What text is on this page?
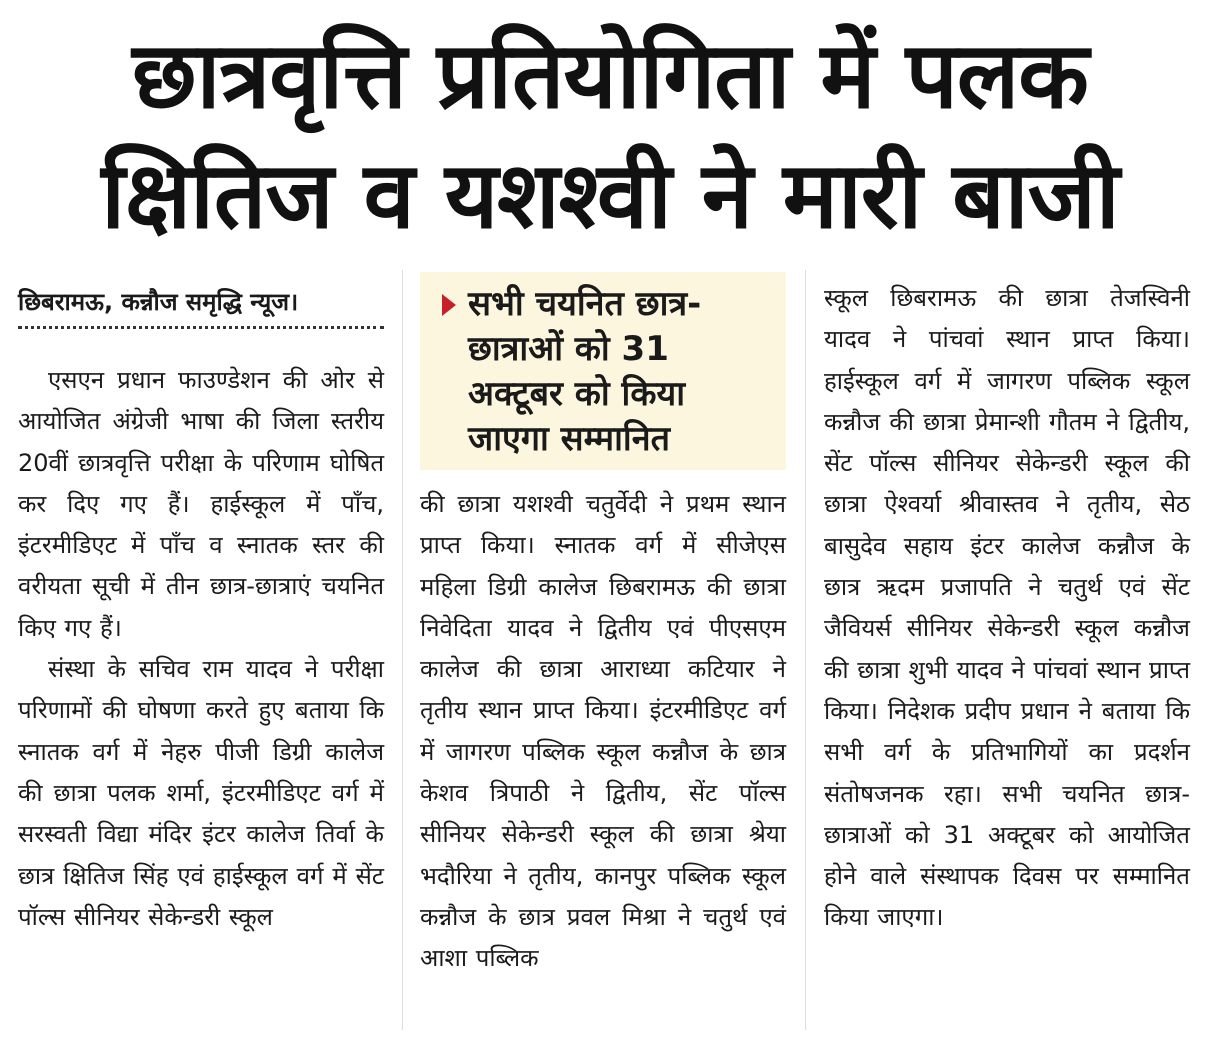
छात्रवृत्ति प्रतियोगिता में पलक
क्षितिज व यशश्वी ने मारी बाजी
छिबरामऊ, कन्नौज समृद्धि न्यूज।

एसएन प्रधान फाउण्डेशन की ओर से आयोजित अंग्रेजी भाषा की जिला स्तरीय 20वीं छात्रवृत्ति परीक्षा के परिणाम घोषित कर दिए गए हैं। हाईस्कूल में पाँच, इंटरमीडिएट में पाँच व स्नातक स्तर की वरीयता सूची में तीन छात्र-छात्राएं चयनित किए गए हैं।

संस्था के सचिव राम यादव ने परीक्षा परिणामों की घोषणा करते हुए बताया कि स्नातक वर्ग में नेहरु पीजी डिग्री कालेज की छात्रा पलक शर्मा, इंटरमीडिएट वर्ग में सरस्वती विद्या मंदिर इंटर कालेज तिर्वा के छात्र क्षितिज सिंह एवं हाईस्कूल वर्ग में सेंट पॉल्स सीनियर सेकेन्डरी स्कूल

सभी चयनित छात्र-छात्राओं को 31 अक्टूबर को किया जाएगा सम्मानित

की छात्रा यशश्वी चतुर्वेदी ने प्रथम स्थान प्राप्त किया। स्नातक वर्ग में सीजेएस महिला डिग्री कालेज छिबरामऊ की छात्रा निवेदिता यादव ने द्वितीय एवं पीएसएम कालेज की छात्रा आराध्या कटियार ने तृतीय स्थान प्राप्त किया। इंटरमीडिएट वर्ग में जागरण पब्लिक स्कूल कन्नौज के छात्र केशव त्रिपाठी ने द्वितीय, सेंट पॉल्स सीनियर सेकेन्डरी स्कूल की छात्रा श्रेया भदौरिया ने तृतीय, कानपुर पब्लिक स्कूल कन्नौज के छात्र प्रवल मिश्रा ने चतुर्थ एवं आशा पब्लिक

स्कूल छिबरामऊ की छात्रा तेजस्विनी यादव ने पांचवां स्थान प्राप्त किया। हाईस्कूल वर्ग में जागरण पब्लिक स्कूल कन्नौज की छात्रा प्रेमान्शी गौतम ने द्वितीय, सेंट पॉल्स सीनियर सेकेन्डरी स्कूल की छात्रा ऐश्वर्या श्रीवास्तव ने तृतीय, सेठ बासुदेव सहाय इंटर कालेज कन्नौज के छात्र ऋदम प्रजापति ने चतुर्थ एवं सेंट जैवियर्स सीनियर सेकेन्डरी स्कूल कन्नौज की छात्रा शुभी यादव ने पांचवां स्थान प्राप्त किया। निदेशक प्रदीप प्रधान ने बताया कि सभी वर्ग के प्रतिभागियों का प्रदर्शन संतोषजनक रहा। सभी चयनित छात्र-छात्राओं को 31 अक्टूबर को आयोजित होने वाले संस्थापक दिवस पर सम्मानित किया जाएगा।
